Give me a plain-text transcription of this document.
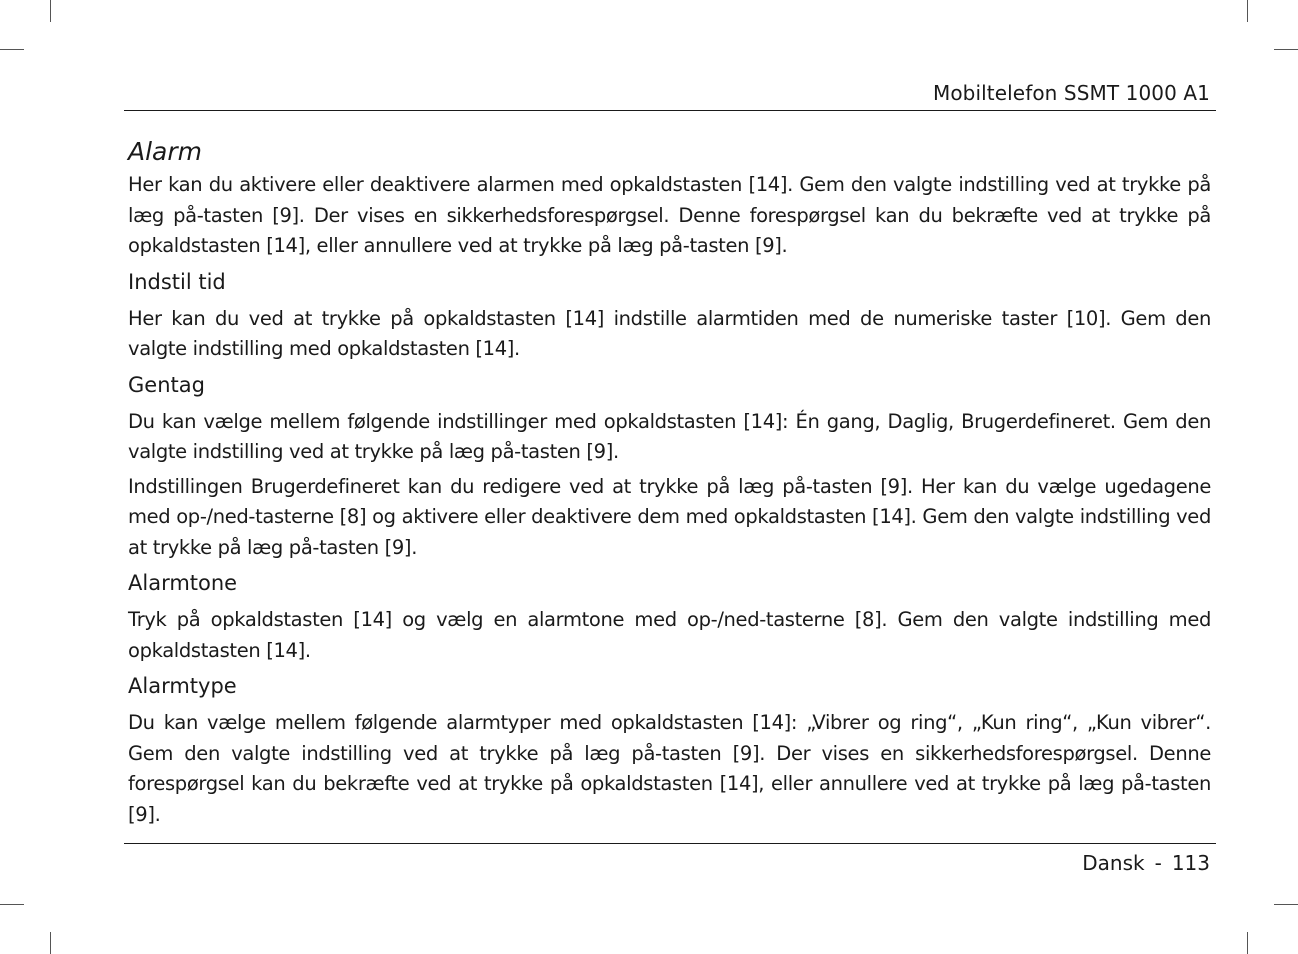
Mobiltelefon SSMT 1000 A1
Alarm

Her kan du aktivere eller deaktivere alarmen med opkaldstasten [14]. Gem den valgte indstilling ved at trykke på læg på-tasten [9]. Der vises en sikkerhedsforespørgsel. Denne forespørgsel kan du bekræfte ved at trykke på opkaldstasten [14], eller annullere ved at trykke på læg på-tasten [9].

Indstil tid

Her kan du ved at trykke på opkaldstasten [14] indstille alarmtiden med de numeriske taster [10]. Gem den valgte indstilling med opkaldstasten [14].

Gentag

Du kan vælge mellem følgende indstillinger med opkaldstasten [14]: Én gang, Daglig, Brugerdefineret. Gem den valgte indstilling ved at trykke på læg på-tasten [9].

Indstillingen Brugerdefineret kan du redigere ved at trykke på læg på-tasten [9]. Her kan du vælge ugedagene med op-/ned-tasterne [8] og aktivere eller deaktivere dem med opkaldstasten [14]. Gem den valgte indstilling ved at trykke på læg på-tasten [9].

Alarmtone

Tryk på opkaldstasten [14] og vælg en alarmtone med op-/ned-tasterne [8]. Gem den valgte indstilling med opkaldstasten [14].

Alarmtype

Du kan vælge mellem følgende alarmtyper med opkaldstasten [14]: „Vibrer og ring“, „Kun ring“, „Kun vibrer“. Gem den valgte indstilling ved at trykke på læg på-tasten [9]. Der vises en sikkerhedsforespørgsel. Denne forespørgsel kan du bekræfte ved at trykke på opkaldstasten [14], eller annullere ved at trykke på læg på-tasten [9].

Dansk - 113
